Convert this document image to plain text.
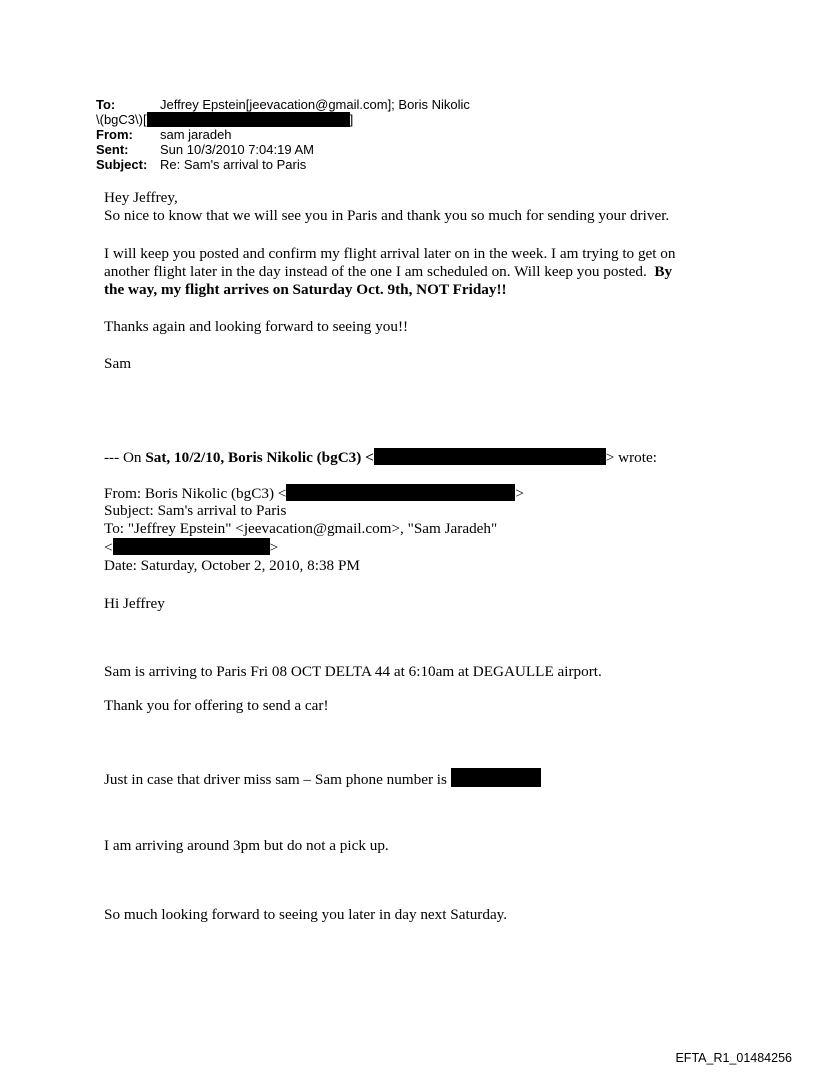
To:	Jeffrey Epstein[jeevacation@gmail.com]; Boris Nikolic
\(bgC3\)[	]
From: sam jaradeh
Sent: Sun 10/3/2010 7:04:19 AM
Subject: Re: Sam's arrival to Paris
Hey Jeffrey,
So nice to know that we will see you in Paris and thank you so much for sending your driver.
I will keep you posted and confirm my flight arrival later on in the week. I am trying to get on
another flight later in the day instead of the one I am scheduled on. Will keep you posted. By
the way, my flight arrives on Saturday Oct. 9th, NOT Friday!!
Thanks again and looking forward to seeing you!!
Sam
--- On Sat, 10/2/10, Boris Nikolic (bgC3) <	> wrote:
From: Boris Nikolic (bgC3) <	>
Subject: Sam's arrival to Paris
To: "Jeffrey Epstein" <jeevacation@gmail.com>, "Sam Jaradeh"
<	>
Date: Saturday, October 2, 2010, 8:38 PM
Hi Jeffrey
Sam is arriving to Paris Fri 08 OCT DELTA 44 at 6:10am at DEGAULLE airport.
Thank you for offering to send a car!
Just in case that driver miss sam – Sam phone number is
I am arriving around 3pm but do not a pick up.
So much looking forward to seeing you later in day next Saturday.
EFTA_R1_01484256
